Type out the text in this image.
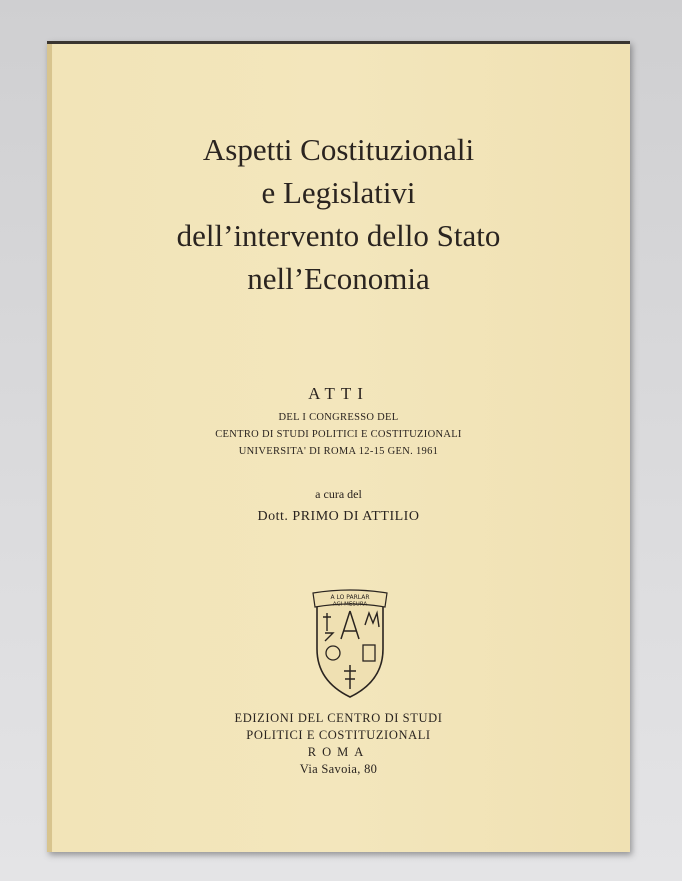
Aspetti Costituzionali
e Legislativi
dell’intervento dello Stato
nell’Economia
ATTI
DEL I CONGRESSO DEL
CENTRO DI STUDI POLITICI E COSTITUZIONALI
UNIVERSITA' DI ROMA 12-15 GEN. 1961
a cura del
Dott. PRIMO DI ATTILIO
A LO PARLAR
AGI MESURA
EDIZIONI DEL CENTRO DI STUDI
POLITICI E COSTITUZIONALI
ROMA
Via Savoia, 80
